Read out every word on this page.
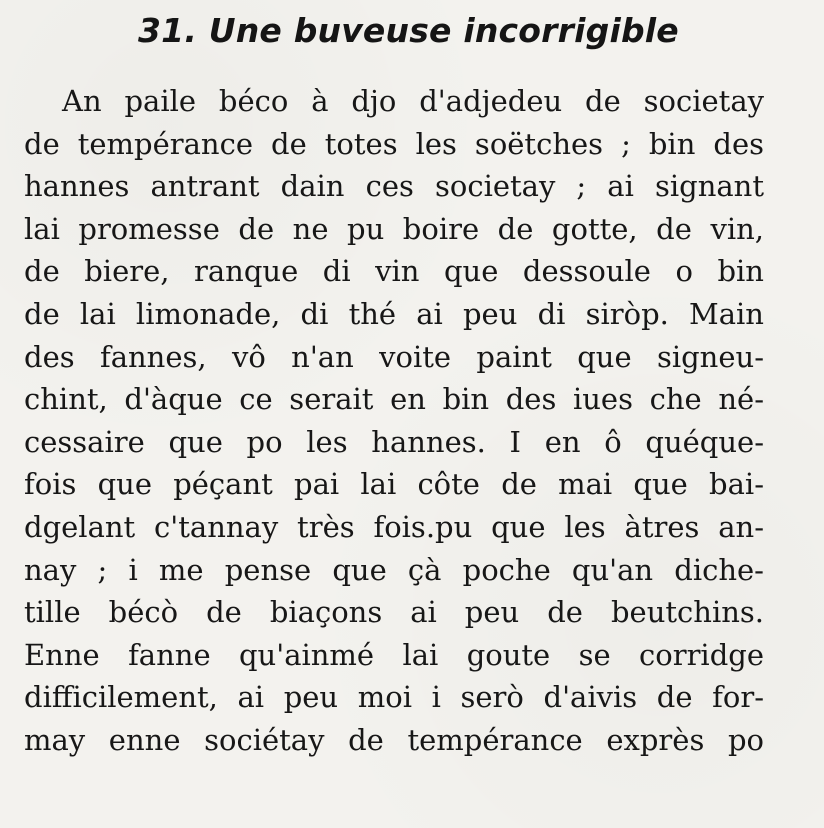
31. Une buveuse incorrigible
An paile béco à djo d'adjedeu de societay
de tempérance de totes les soëtches ; bin des
hannes antrant dain ces societay ; ai signant
lai promesse de ne pu boire de gotte, de vin,
de biere, ranque di vin que dessoule o bin
de lai limonade, di thé ai peu di siròp. Main
des fannes, vô n'an voite paint que signeu-
chint, d'àque ce serait en bin des iues che né-
cessaire que po les hannes. I en ô quéque-
fois que péçant pai lai côte de mai que bai-
dgelant c'tannay très fois.pu que les àtres an-
nay ; i me pense que çà poche qu'an diche-
tille bécò de biaçons ai peu de beutchins.
Enne fanne qu'ainmé lai goute se corridge
difficilement, ai peu moi i serò d'aivis de for-
may enne sociétay de tempérance exprès po
